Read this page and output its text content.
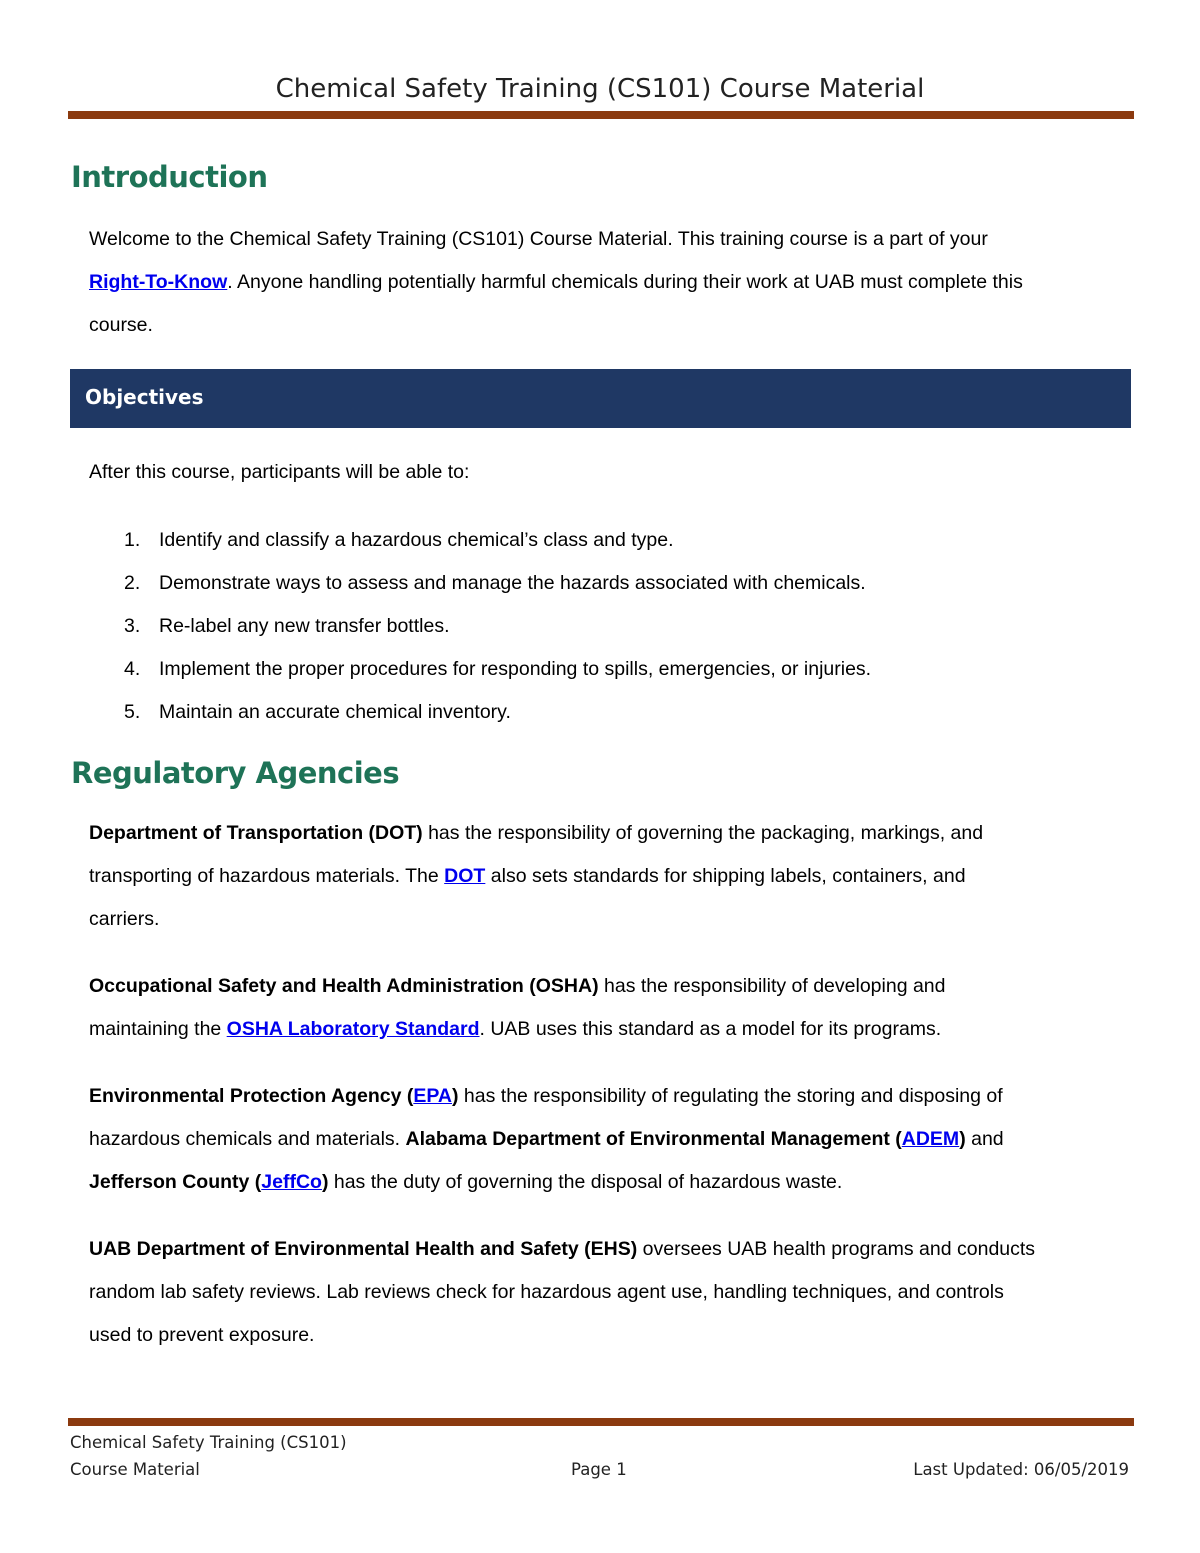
Chemical Safety Training (CS101) Course Material
Introduction
Welcome to the Chemical Safety Training (CS101) Course Material. This training course is a part of your
Right-To-Know. Anyone handling potentially harmful chemicals during their work at UAB must complete this
course.
Objectives
After this course, participants will be able to:
1. Identify and classify a hazardous chemical’s class and type.
2. Demonstrate ways to assess and manage the hazards associated with chemicals.
3. Re-label any new transfer bottles.
4. Implement the proper procedures for responding to spills, emergencies, or injuries.
5. Maintain an accurate chemical inventory.
Regulatory Agencies
Department of Transportation (DOT) has the responsibility of governing the packaging, markings, and
transporting of hazardous materials. The DOT also sets standards for shipping labels, containers, and
carriers.
Occupational Safety and Health Administration (OSHA) has the responsibility of developing and
maintaining the OSHA Laboratory Standard. UAB uses this standard as a model for its programs.
Environmental Protection Agency (EPA) has the responsibility of regulating the storing and disposing of
hazardous chemicals and materials. Alabama Department of Environmental Management (ADEM) and
Jefferson County (JeffCo) has the duty of governing the disposal of hazardous waste.
UAB Department of Environmental Health and Safety (EHS) oversees UAB health programs and conducts
random lab safety reviews. Lab reviews check for hazardous agent use, handling techniques, and controls
used to prevent exposure.
Chemical Safety Training (CS101)
Course Material	Page 1	Last Updated: 06/05/2019
